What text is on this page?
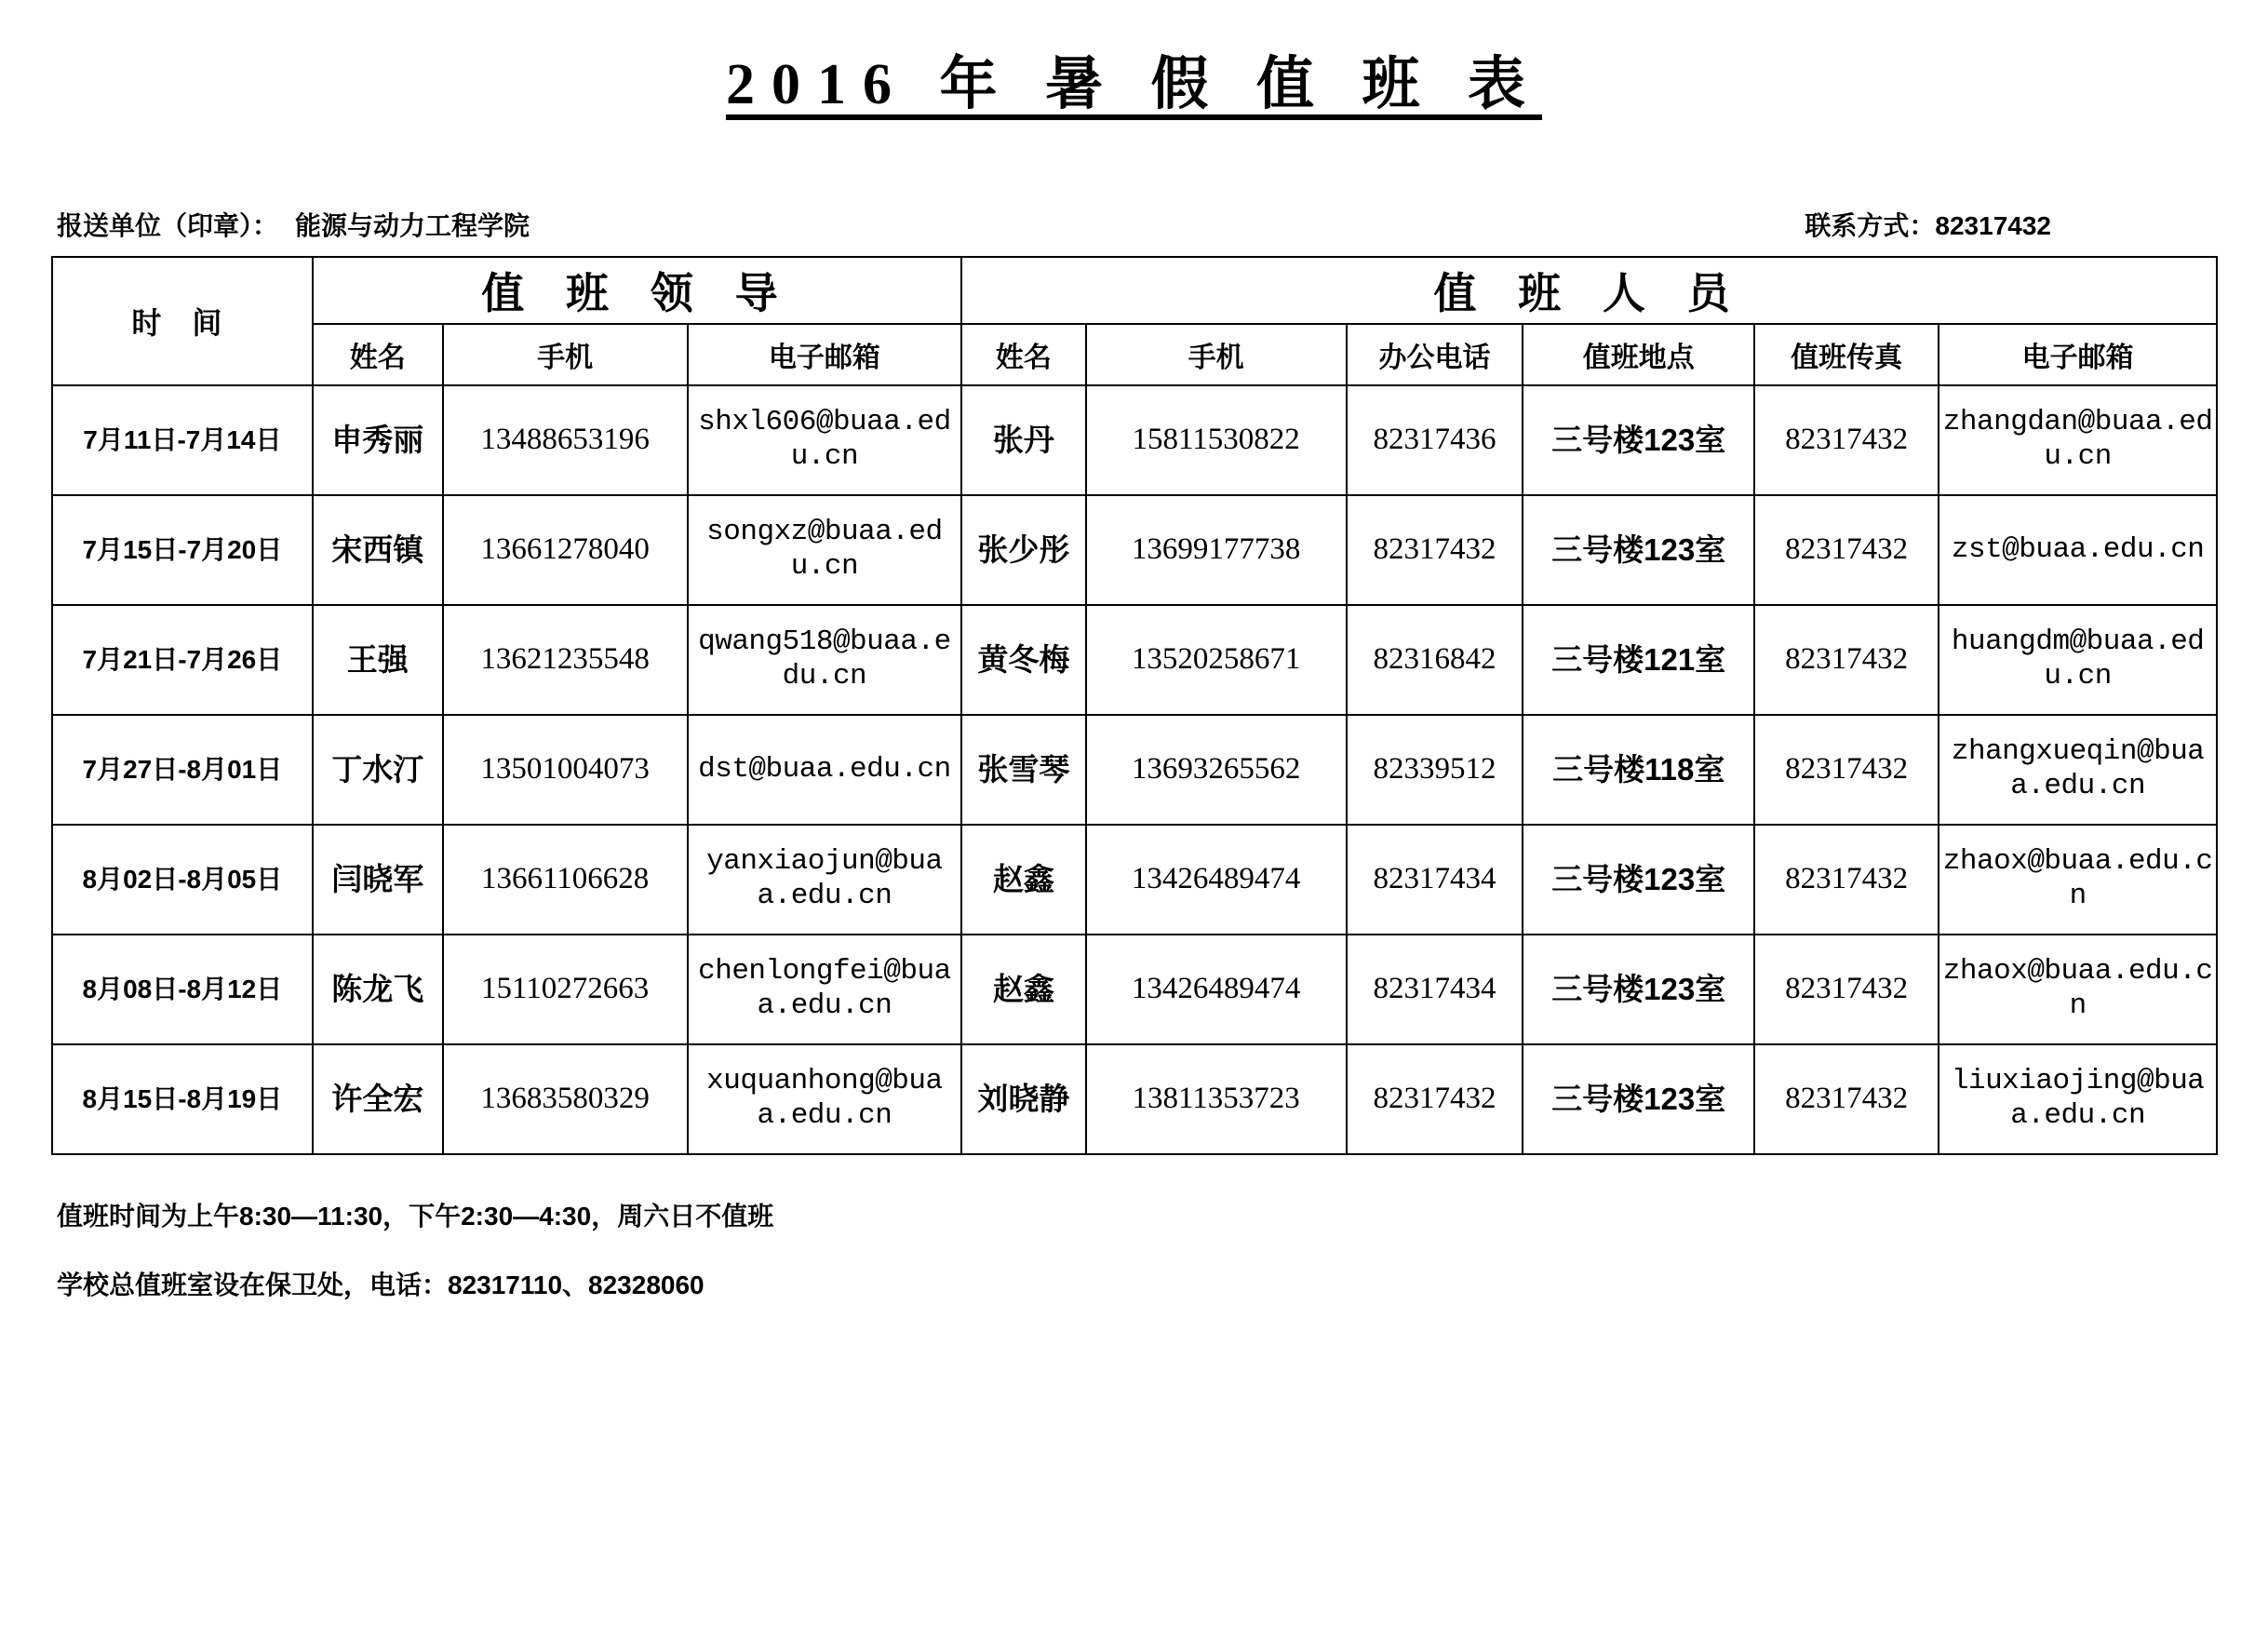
2016 年 暑 假 值 班 表
报送单位（印章）： 能源与动力工程学院	联系方式：82317432
时 间	值 班 领 导			值 班 人 员					
	姓名	手机	电子邮箱	姓名	手机	办公电话	值班地点	值班传真	电子邮箱
7月11日-7月14日	申秀丽	13488653196	shxl606@buaa.edu.cn	张丹	15811530822	82317436	三号楼123室	82317432	zhangdan@buaa.edu.cn
7月15日-7月20日	宋西镇	13661278040	songxz@buaa.edu.cn	张少彤	13699177738	82317432	三号楼123室	82317432	zst@buaa.edu.cn
7月21日-7月26日	王强	13621235548	qwang518@buaa.edu.cn	黄冬梅	13520258671	82316842	三号楼121室	82317432	huangdm@buaa.edu.cn
7月27日-8月01日	丁水汀	13501004073	dst@buaa.edu.cn	张雪琴	13693265562	82339512	三号楼118室	82317432	zhangxueqin@buaa.edu.cn
8月02日-8月05日	闫晓军	13661106628	yanxiaojun@buaa.edu.cn	赵鑫	13426489474	82317434	三号楼123室	82317432	zhaox@buaa.edu.cn
8月08日-8月12日	陈龙飞	15110272663	chenlongfei@buaa.edu.cn	赵鑫	13426489474	82317434	三号楼123室	82317432	zhaox@buaa.edu.cn
8月15日-8月19日	许全宏	13683580329	xuquanhong@buaa.edu.cn	刘晓静	13811353723	82317432	三号楼123室	82317432	liuxiaojing@buaa.edu.cn
值班时间为上午8:30—11:30，下午2:30—4:30，周六日不值班
学校总值班室设在保卫处，电话：82317110、82328060
